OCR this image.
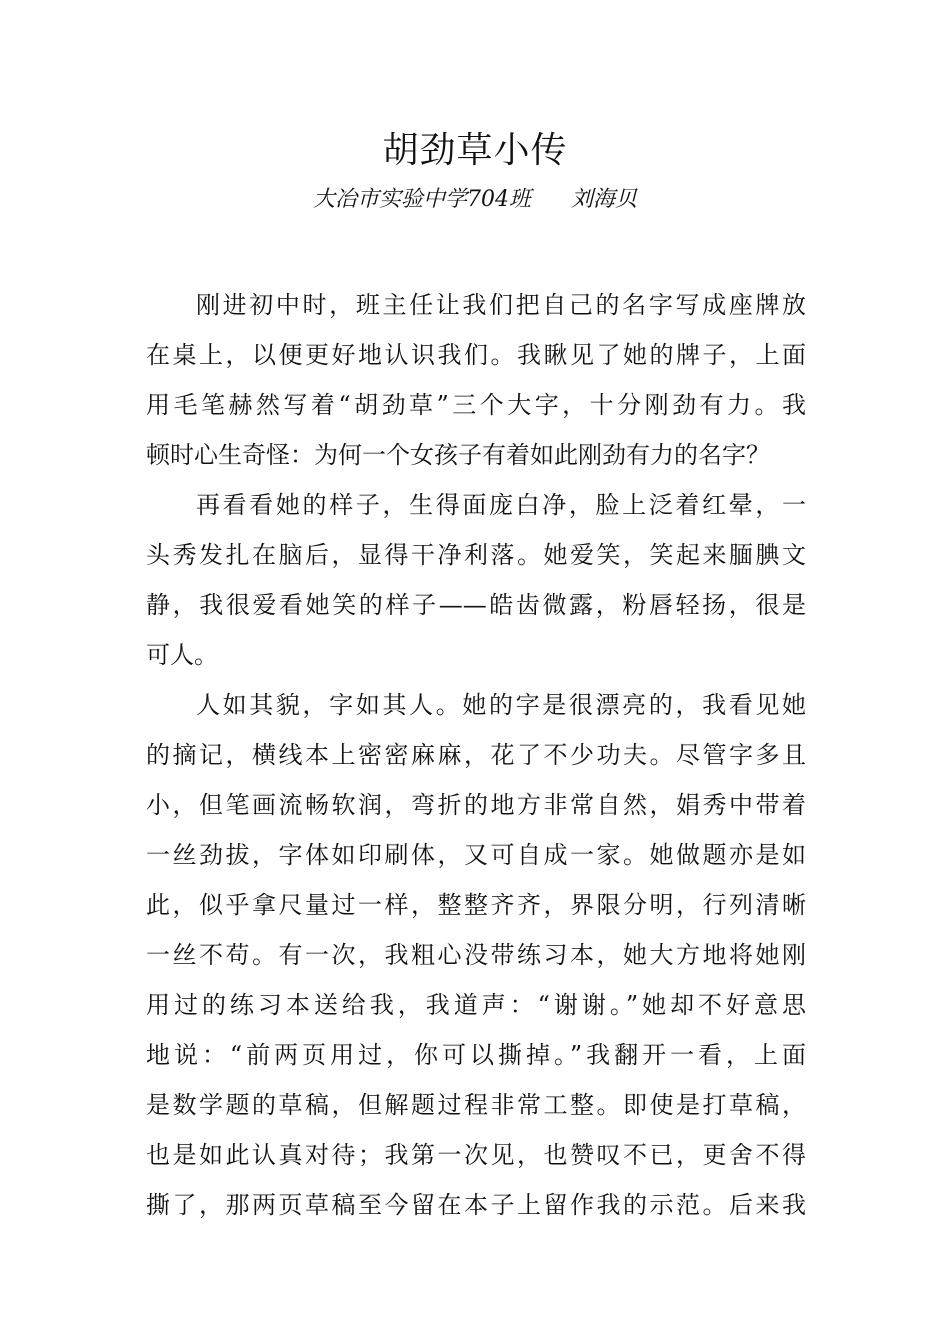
胡劲草小传
大冶市实验中学704班 刘海贝
刚进初中时，班主任让我们把自己的名字写成座牌放
在桌上，以便更好地认识我们。我瞅见了她的牌子，上面
用毛笔赫然写着“胡劲草”三个大字，十分刚劲有力。我
顿时心生奇怪：为何一个女孩子有着如此刚劲有力的名字？
再看看她的样子，生得面庞白净，脸上泛着红晕，一
头秀发扎在脑后，显得干净利落。她爱笑，笑起来腼腆文
静，我很爱看她笑的样子——皓齿微露，粉唇轻扬，很是
可人。
人如其貌，字如其人。她的字是很漂亮的，我看见她
的摘记，横线本上密密麻麻，花了不少功夫。尽管字多且
小，但笔画流畅软润，弯折的地方非常自然，娟秀中带着
一丝劲拔，字体如印刷体，又可自成一家。她做题亦是如
此，似乎拿尺量过一样，整整齐齐，界限分明，行列清晰
一丝不苟。有一次，我粗心没带练习本，她大方地将她刚
用过的练习本送给我，我道声：“谢谢。”她却不好意思
地说：“前两页用过，你可以撕掉。”我翻开一看，上面
是数学题的草稿，但解题过程非常工整。即使是打草稿，
也是如此认真对待；我第一次见，也赞叹不已，更舍不得
撕了，那两页草稿至今留在本子上留作我的示范。后来我
